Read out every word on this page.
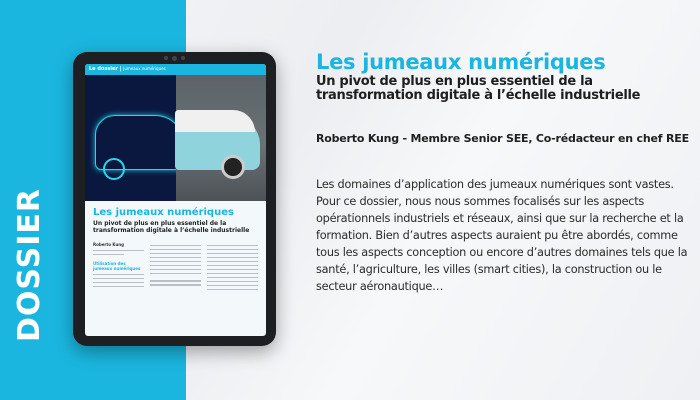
DOSSIER
Le dossier | Jumeaux numériques
Les jumeaux numériques
Un pivot de plus en plus essentiel de la transformation digitale à l’échelle industrielle
Roberto Kung
Utilisation des jumeaux numériques
Les jumeaux numériques
Un pivot de plus en plus essentiel de la transformation digitale à l’échelle industrielle
Roberto Kung - Membre Senior SEE, Co-rédacteur en chef REE
Les domaines d’application des jumeaux numériques sont vastes. Pour ce dossier, nous nous sommes focalisés sur les aspects opérationnels industriels et réseaux, ainsi que sur la recherche et la formation. Bien d’autres aspects auraient pu être abordés, comme tous les aspects conception ou encore d’autres domaines tels que la santé, l’agriculture, les villes (smart cities), la construction ou le secteur aéronautique…
